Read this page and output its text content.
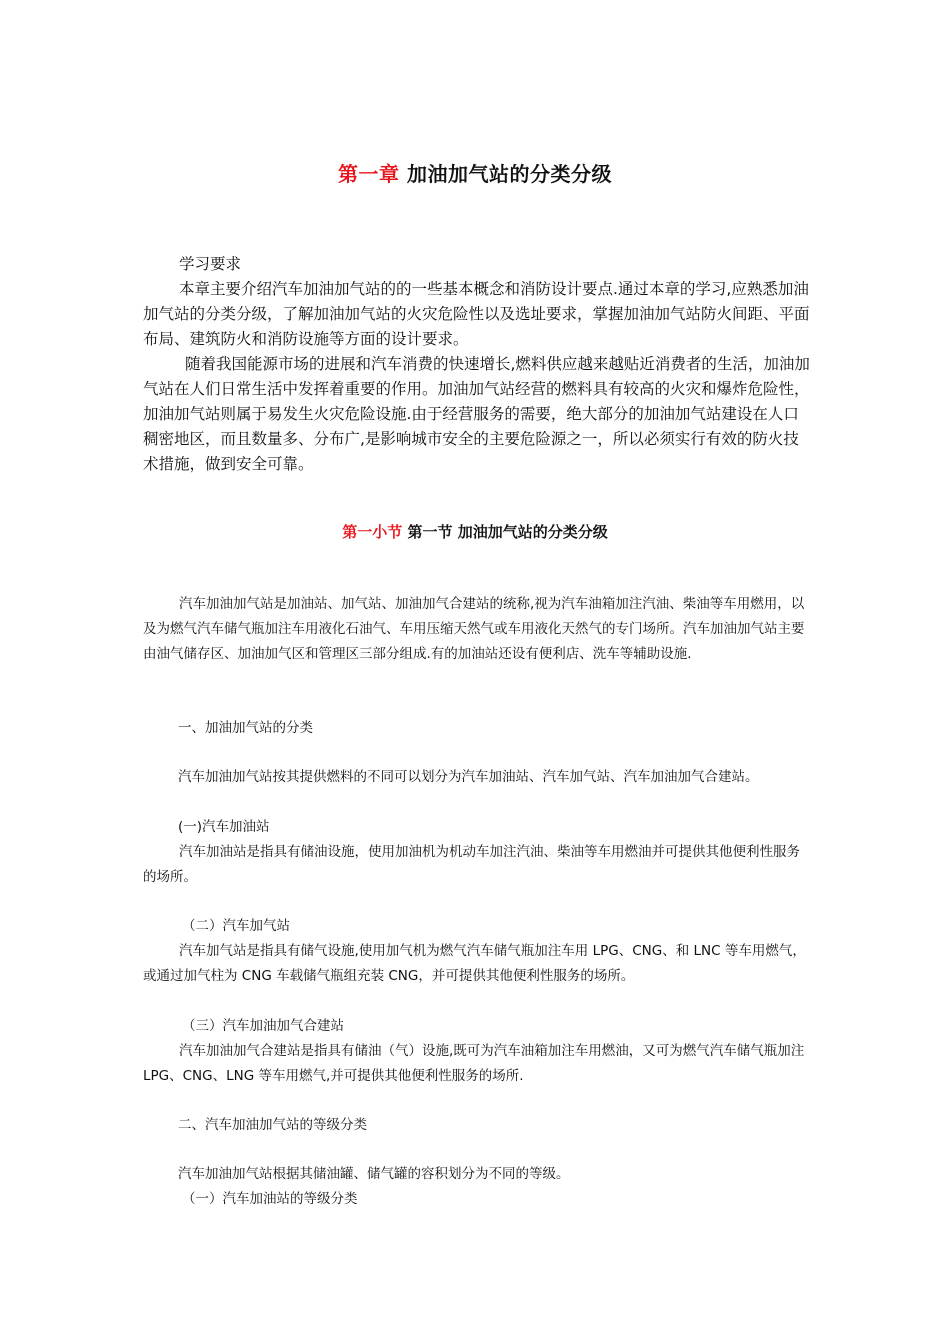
第一章 加油加气站的分类分级

学习要求

本章主要介绍汽车加油加气站的的一些基本概念和消防设计要点.通过本章的学习,应熟悉加油加气站的分类分级，了解加油加气站的火灾危险性以及选址要求，掌握加油加气站防火间距、平面布局、建筑防火和消防设施等方面的设计要求。

随着我国能源市场的进展和汽车消费的快速增长,燃料供应越来越贴近消费者的生活，加油加气站在人们日常生活中发挥着重要的作用。加油加气站经营的燃料具有较高的火灾和爆炸危险性，加油加气站则属于易发生火灾危险设施.由于经营服务的需要，绝大部分的加油加气站建设在人口稠密地区，而且数量多、分布广,是影响城市安全的主要危险源之一，所以必须实行有效的防火技术措施，做到安全可靠。

第一小节 第一节 加油加气站的分类分级

汽车加油加气站是加油站、加气站、加油加气合建站的统称,视为汽车油箱加注汽油、柴油等车用燃用，以及为燃气汽车储气瓶加注车用液化石油气、车用压缩天然气或车用液化天然气的专门场所。汽车加油加气站主要由油气储存区、加油加气区和管理区三部分组成.有的加油站还设有便利店、洗车等辅助设施.

一、加油加气站的分类
汽车加油加气站按其提供燃料的不同可以划分为汽车加油站、汽车加气站、汽车加油加气合建站。
(一)汽车加油站

汽车加油站是指具有储油设施，使用加油机为机动车加注汽油、柴油等车用燃油并可提供其他便利性服务的场所。

（二）汽车加气站

汽车加气站是指具有储气设施,使用加气机为燃气汽车储气瓶加注车用 LPG、CNG、和 LNC 等车用燃气，或通过加气柱为 CNG 车载储气瓶组充装 CNG，并可提供其他便利性服务的场所。

（三）汽车加油加气合建站

汽车加油加气合建站是指具有储油（气）设施,既可为汽车油箱加注车用燃油，又可为燃气汽车储气瓶加注 LPG、CNG、LNG 等车用燃气,并可提供其他便利性服务的场所.

二、汽车加油加气站的等级分类
汽车加油加气站根据其储油罐、储气罐的容积划分为不同的等级。
（一）汽车加油站的等级分类
